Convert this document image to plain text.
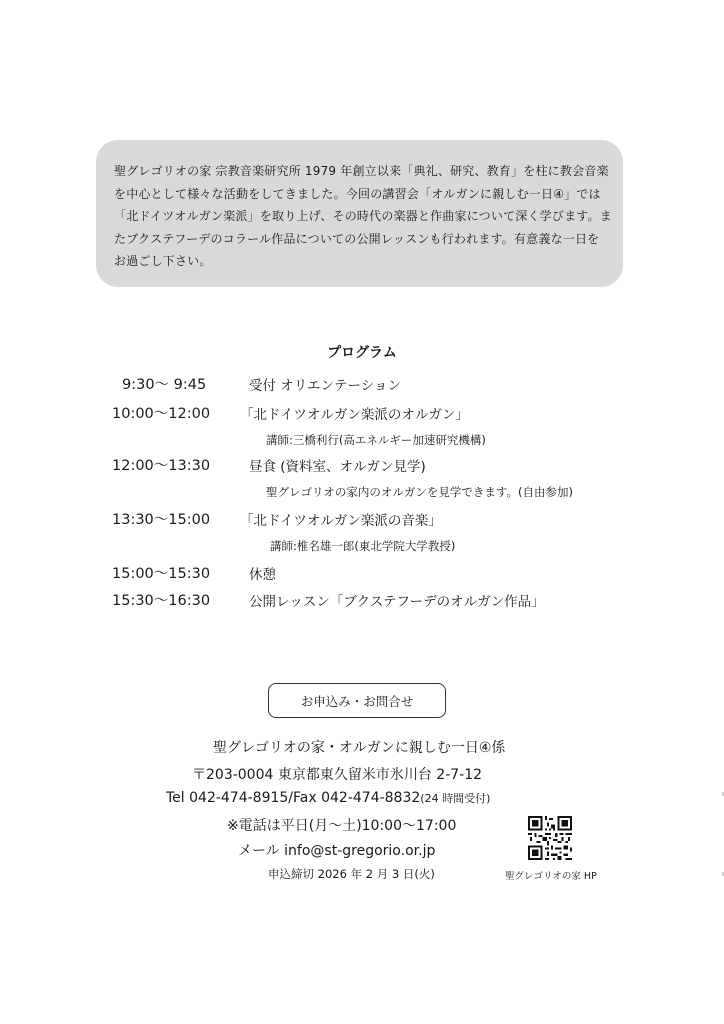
聖グレゴリオの家 宗教音楽研究所 1979 年創立以来「典礼、研究、教育」を柱に教会音楽

を中心として様々な活動をしてきました。今回の講習会「オルガンに親しむ一日④」では

「北ドイツオルガン楽派」を取り上げ、その時代の楽器と作曲家について深く学びます。ま

たブクステフーデのコラール作品についての公開レッスンも行われます。有意義な一日を

お過ごし下さい。

プログラム
9:30〜 9:45	受付 オリエンテーション
10:00〜12:00 「北ドイツオルガン楽派のオルガン」
講師:三橋利行(高エネルギー加速研究機構)
12:00〜13:30	昼食 (資料室、オルガン見学)
聖グレゴリオの家内のオルガンを見学できます。(自由参加)
13:30〜15:00 「北ドイツオルガン楽派の音楽」
講師:椎名雄一郎(東北学院大学教授)
15:00〜15:30	休憩
15:30〜16:30	公開レッスン「ブクステフーデのオルガン作品」
お申込み・お問合せ
聖グレゴリオの家・オルガンに親しむ一日④係
〒203-0004 東京都東久留米市氷川台 2-7-12
Tel 042-474-8915/Fax 042-474-8832(24 時間受付)
※電話は平日(月〜土)10:00〜17:00
メール info@st-gregorio.or.jp
申込締切 2026 年 2 月 3 日(火)	聖グレゴリオの家 HP
